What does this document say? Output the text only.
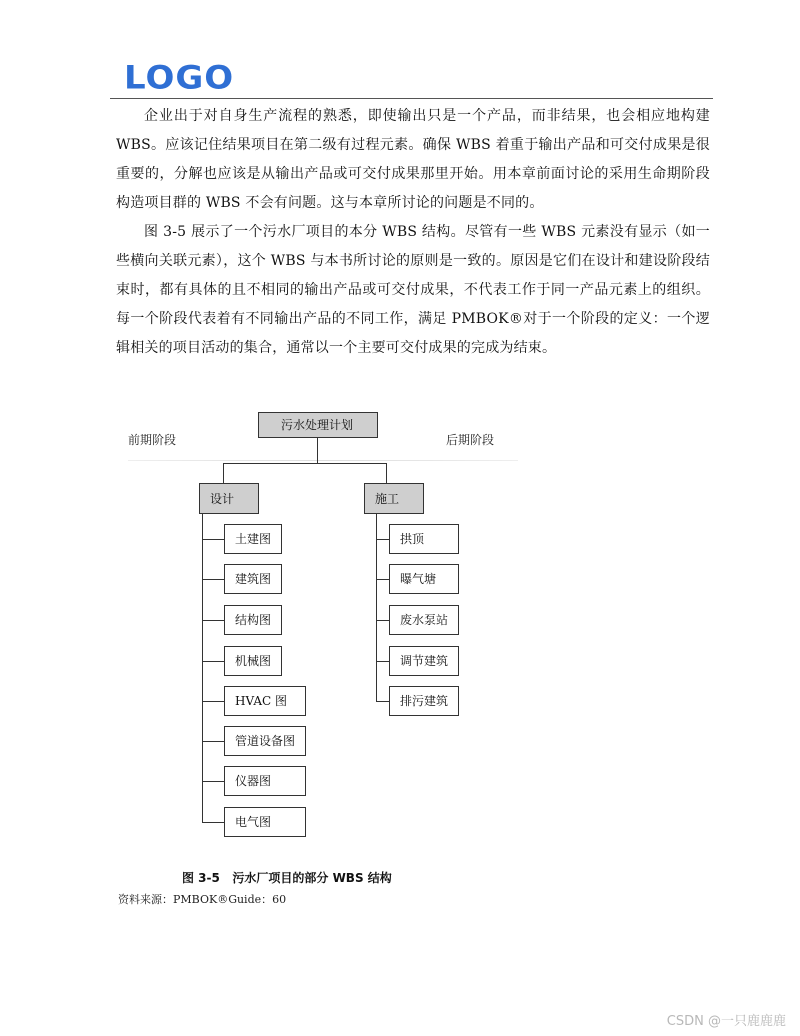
LOGO

企业出于对自身生产流程的熟悉，即使输出只是一个产品，而非结果，也会相应地构建 WBS。应该记住结果项目在第二级有过程元素。确保 WBS 着重于输出产品和可交付成果是很重要的，分解也应该是从输出产品或可交付成果那里开始。用本章前面讨论的采用生命期阶段构造项目群的 WBS 不会有问题。这与本章所讨论的问题是不同的。

图 3-5 展示了一个污水厂项目的本分 WBS 结构。尽管有一些 WBS 元素没有显示（如一些横向关联元素），这个 WBS 与本书所讨论的原则是一致的。原因是它们在设计和建设阶段结束时，都有具体的且不相同的输出产品或可交付成果，不代表工作于同一产品元素上的组织。每一个阶段代表着有不同输出产品的不同工作，满足 PMBOK®对于一个阶段的定义：一个逻辑相关的项目活动的集合，通常以一个主要可交付成果的完成为结束。

前期阶段	后期阶段
污水处理计划
设计	施工
土建图
建筑图
结构图
机械图
HVAC 图
管道设备图
仪器图
电气图
拱顶
曝气塘
废水泵站
调节建筑
排污建筑
图 3-5   污水厂项目的部分 WBS 结构
资料来源：PMBOK®Guide：60
CSDN @一只鹿鹿鹿
